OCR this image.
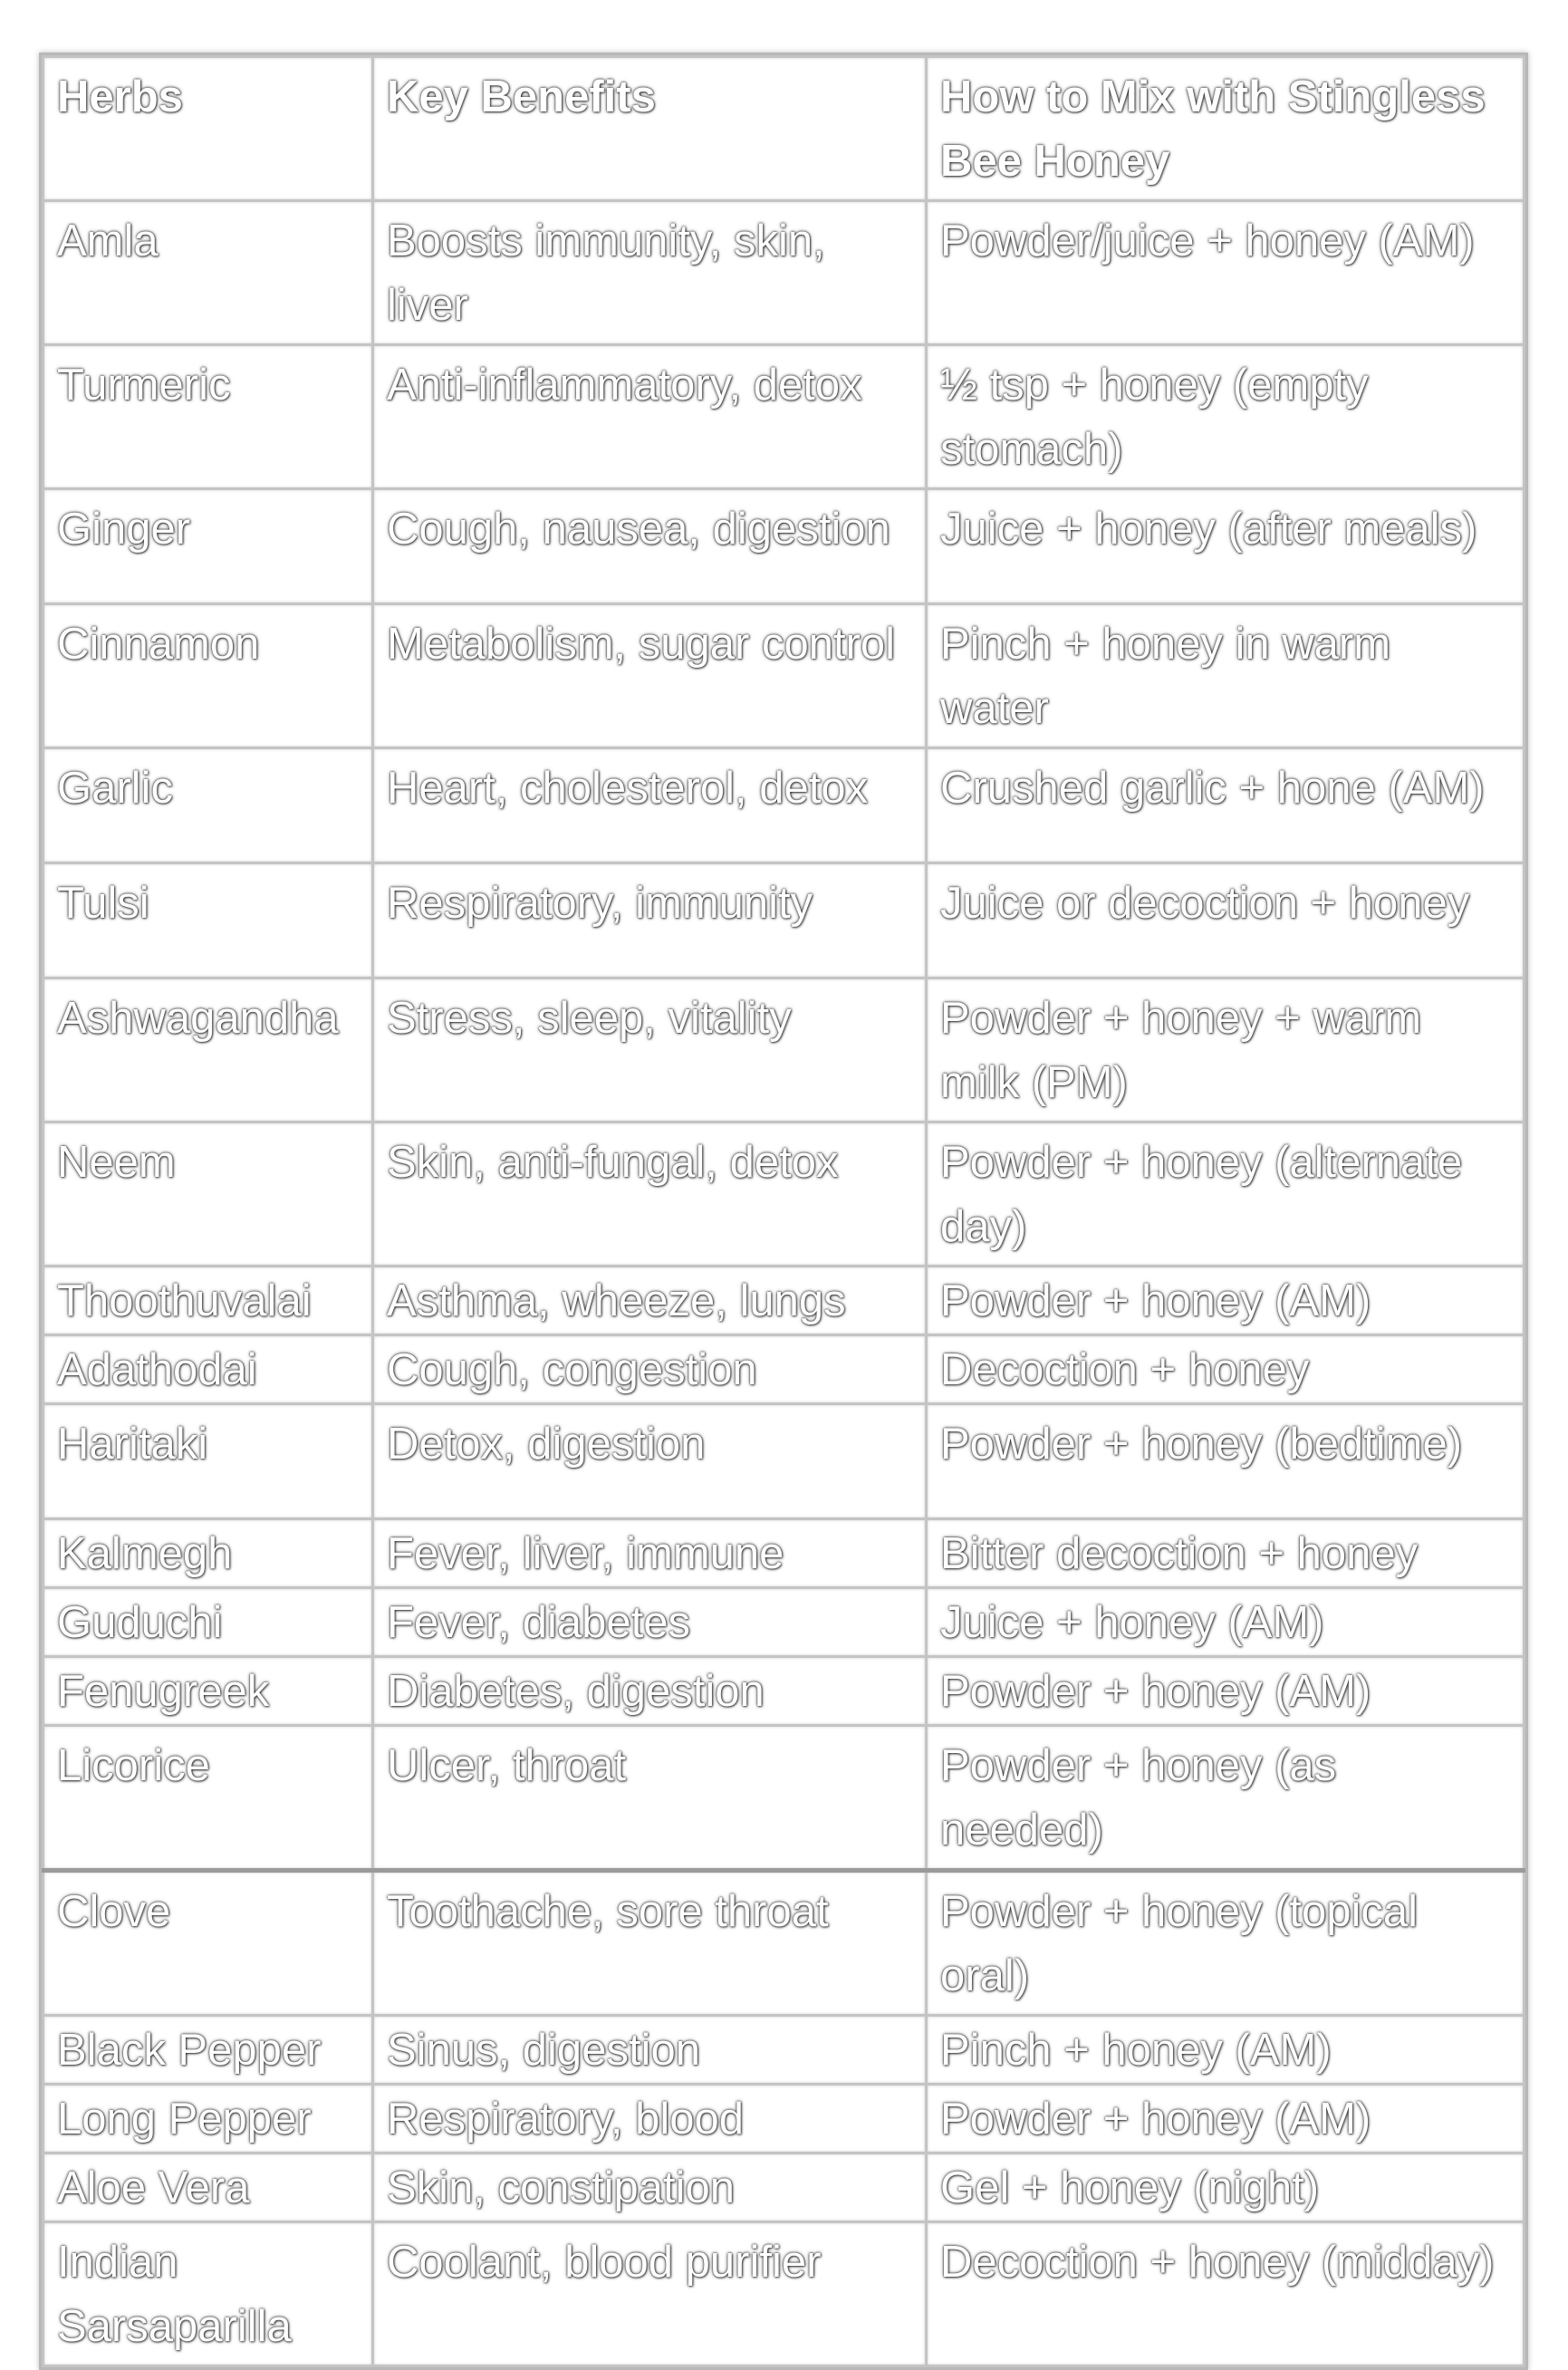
Herbs	Key Benefits	How to Mix with Stingless Bee Honey
Amla	Boosts immunity, skin, liver	Powder/juice + honey (AM)
Turmeric	Anti-inflammatory, detox	½ tsp + honey (empty stomach)
Ginger	Cough, nausea, digestion	Juice + honey (after meals)
Cinnamon	Metabolism, sugar control	Pinch + honey in warm water
Garlic	Heart, cholesterol, detox	Crushed garlic + hone (AM)
Tulsi	Respiratory, immunity	Juice or decoction + honey
Ashwagandha	Stress, sleep, vitality	Powder + honey + warm milk (PM)
Neem	Skin, anti-fungal, detox	Powder + honey (alternate day)
Thoothuvalai	Asthma, wheeze, lungs	Powder + honey (AM)
Adathodai	Cough, congestion	Decoction + honey
Haritaki	Detox, digestion	Powder + honey (bedtime)
Kalmegh	Fever, liver, immune	Bitter decoction + honey
Guduchi	Fever, diabetes	Juice + honey (AM)
Fenugreek	Diabetes, digestion	Powder + honey (AM)
Licorice	Ulcer, throat	Powder + honey (as needed)
Clove	Toothache, sore throat	Powder + honey (topical oral)
Black Pepper	Sinus, digestion	Pinch + honey (AM)
Long Pepper	Respiratory, blood	Powder + honey (AM)
Aloe Vera	Skin, constipation	Gel + honey (night)
Indian Sarsaparilla	Coolant, blood purifier	Decoction + honey (midday)
